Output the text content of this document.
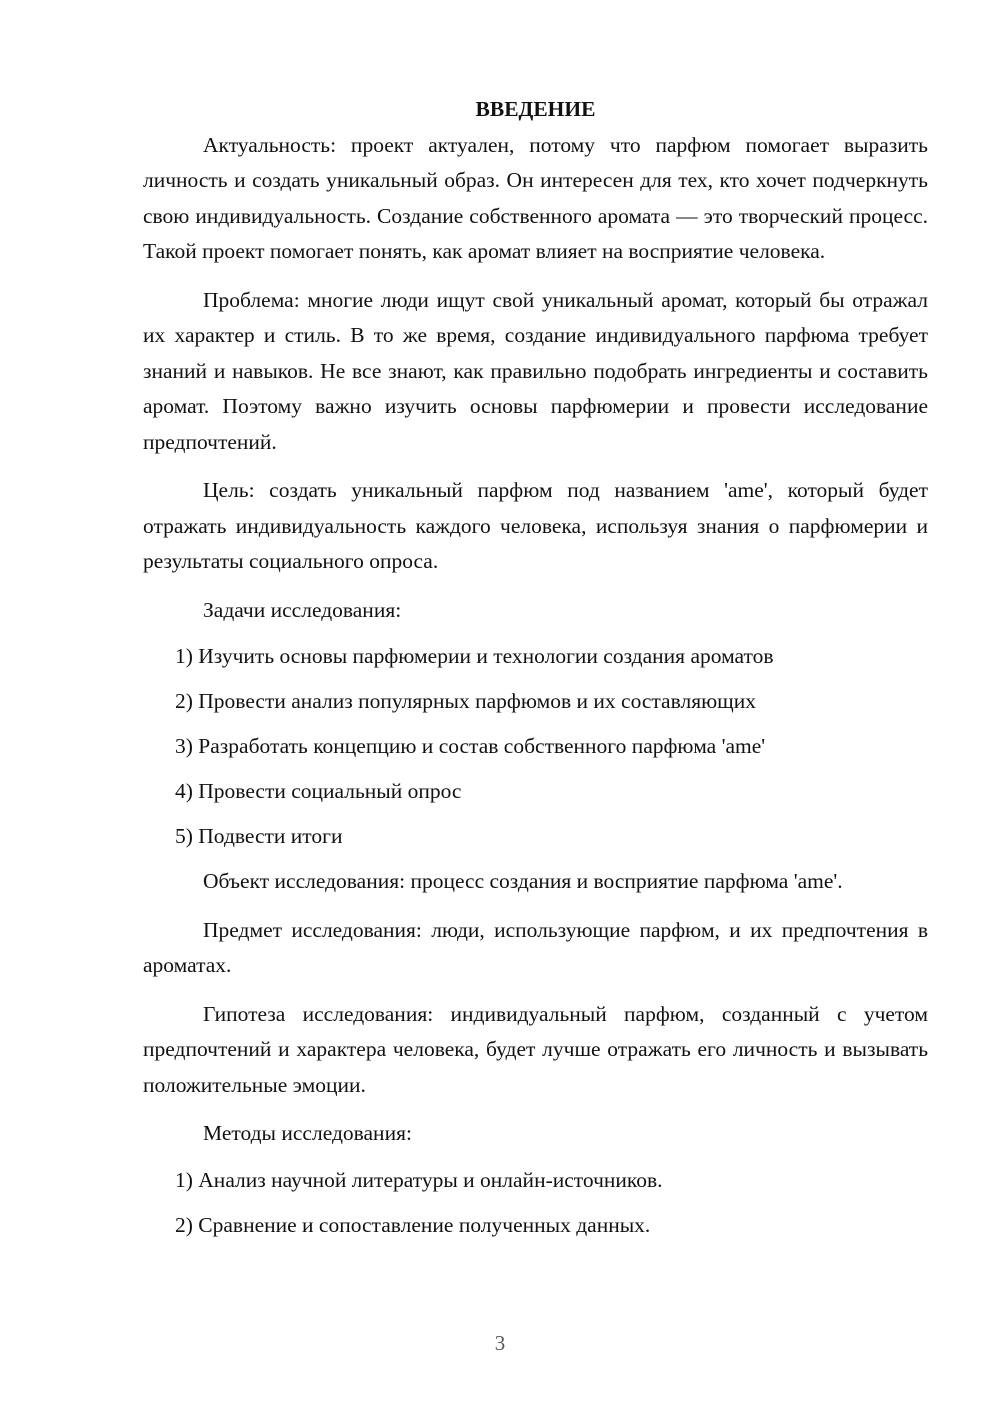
ВВЕДЕНИЕ

Актуальность: проект актуален, потому что парфюм помогает выразить личность и создать уникальный образ. Он интересен для тех, кто хочет подчеркнуть свою индивидуальность. Создание собственного аромата — это творческий процесс. Такой проект помогает понять, как аромат влияет на восприятие человека.

Проблема: многие люди ищут свой уникальный аромат, который бы отражал их характер и стиль. В то же время, создание индивидуального парфюма требует знаний и навыков. Не все знают, как правильно подобрать ингредиенты и составить аромат. Поэтому важно изучить основы парфюмерии и провести исследование предпочтений.

Цель: создать уникальный парфюм под названием 'ame', который будет отражать индивидуальность каждого человека, используя знания о парфюмерии и результаты социального опроса.

Задачи исследования:

1) Изучить основы парфюмерии и технологии создания ароматов

2) Провести анализ популярных парфюмов и их составляющих

3) Разработать концепцию и состав собственного парфюма 'ame'

4) Провести социальный опрос

5) Подвести итоги

Объект исследования: процесс создания и восприятие парфюма 'ame'.

Предмет исследования: люди, использующие парфюм, и их предпочтения в ароматах.

Гипотеза исследования: индивидуальный парфюм, созданный с учетом предпочтений и характера человека, будет лучше отражать его личность и вызывать положительные эмоции.

Методы исследования:

1) Анализ научной литературы и онлайн-источников.

2) Сравнение и сопоставление полученных данных.

3
